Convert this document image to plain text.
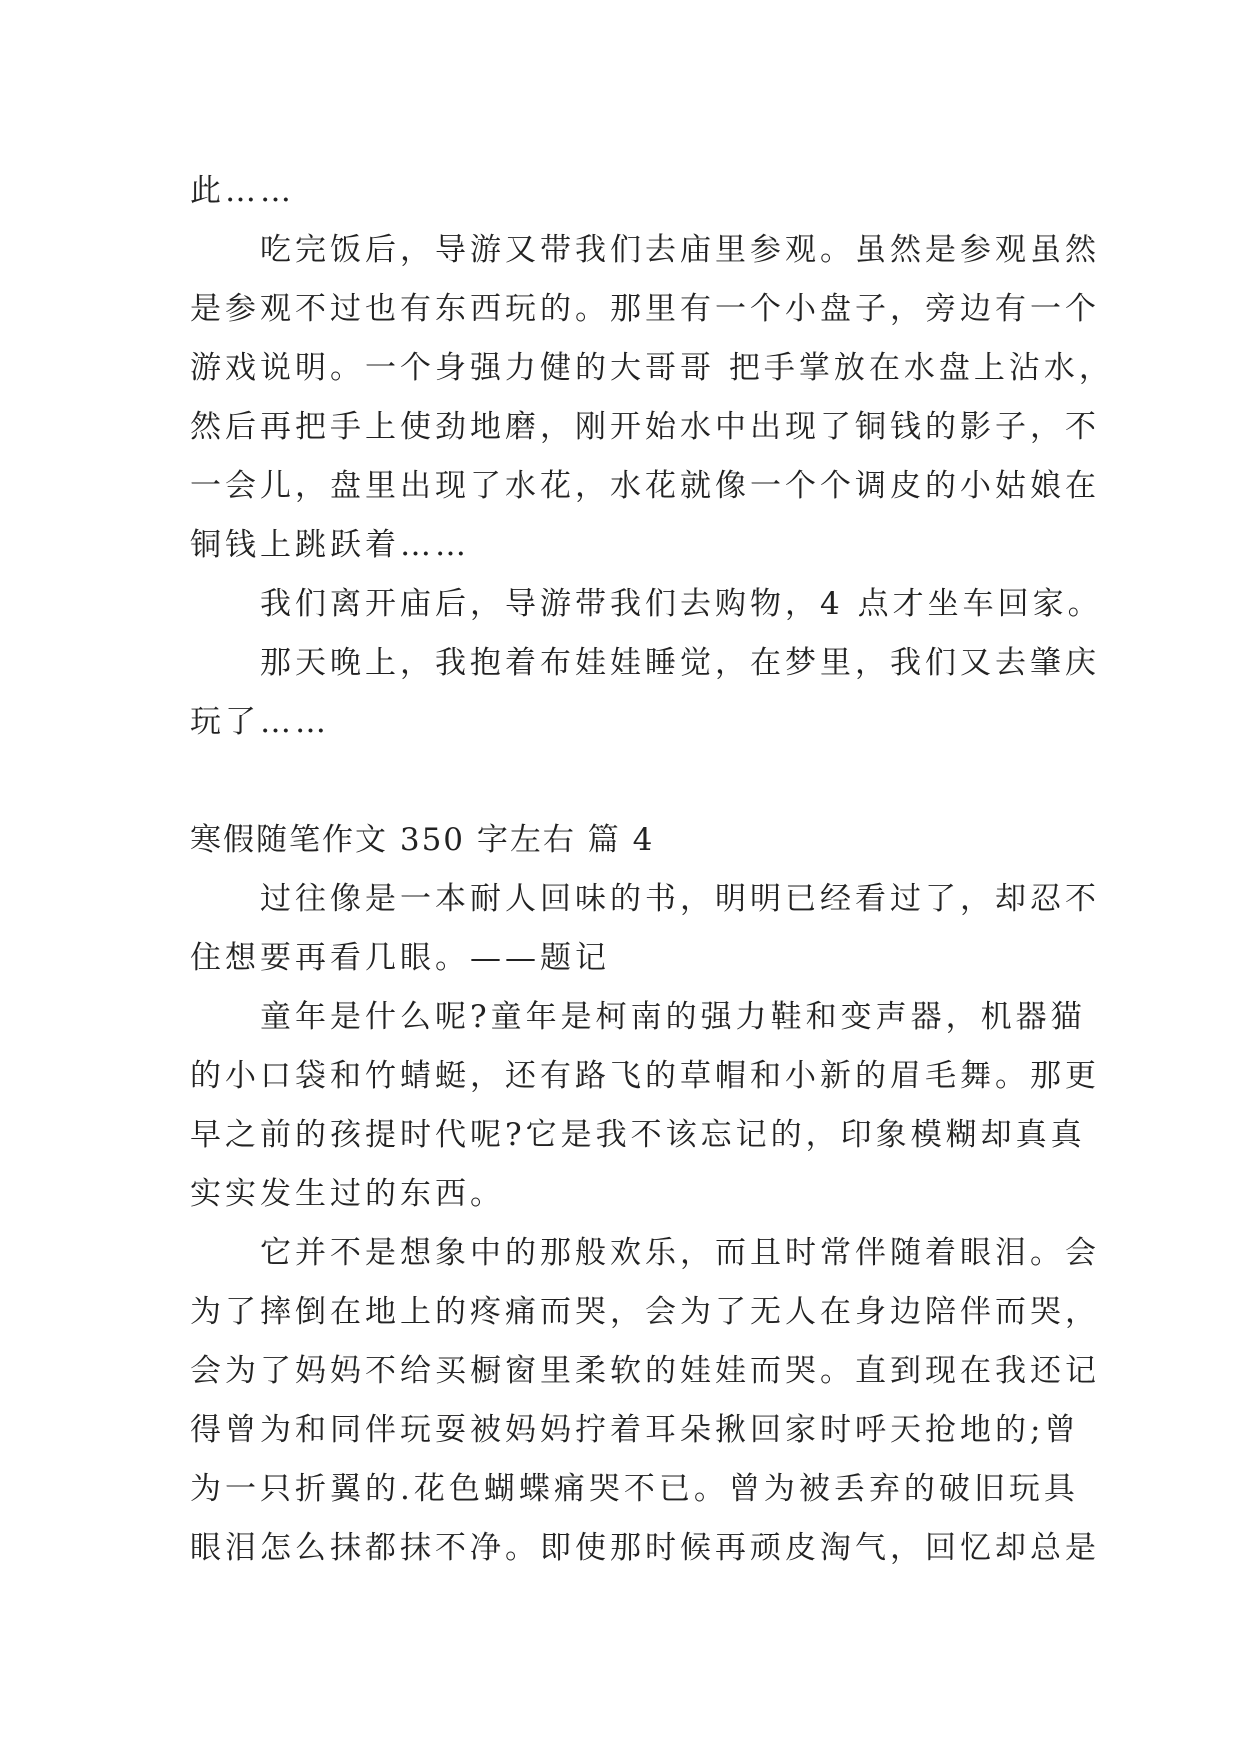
此……
吃完饭后，导游又带我们去庙里参观。虽然是参观虽然
是参观不过也有东西玩的。那里有一个小盘子，旁边有一个
游戏说明。一个身强力健的大哥哥 把手掌放在水盘上沾水，
然后再把手上使劲地磨，刚开始水中出现了铜钱的影子，不
一会儿，盘里出现了水花，水花就像一个个调皮的小姑娘在
铜钱上跳跃着……
我们离开庙后，导游带我们去购物，4 点才坐车回家。
那天晚上，我抱着布娃娃睡觉，在梦里，我们又去肇庆
玩了……
寒假随笔作文 350 字左右 篇 4
过往像是一本耐人回味的书，明明已经看过了，却忍不
住想要再看几眼。——题记
童年是什么呢?童年是柯南的强力鞋和变声器，机器猫
的小口袋和竹蜻蜓，还有路飞的草帽和小新的眉毛舞。那更
早之前的孩提时代呢?它是我不该忘记的，印象模糊却真真
实实发生过的东西。
它并不是想象中的那般欢乐，而且时常伴随着眼泪。会
为了摔倒在地上的疼痛而哭，会为了无人在身边陪伴而哭，
会为了妈妈不给买橱窗里柔软的娃娃而哭。直到现在我还记
得曾为和同伴玩耍被妈妈拧着耳朵揪回家时呼天抢地的;曾
为一只折翼的.花色蝴蝶痛哭不已。曾为被丢弃的破旧玩具
眼泪怎么抹都抹不净。即使那时候再顽皮淘气，回忆却总是
